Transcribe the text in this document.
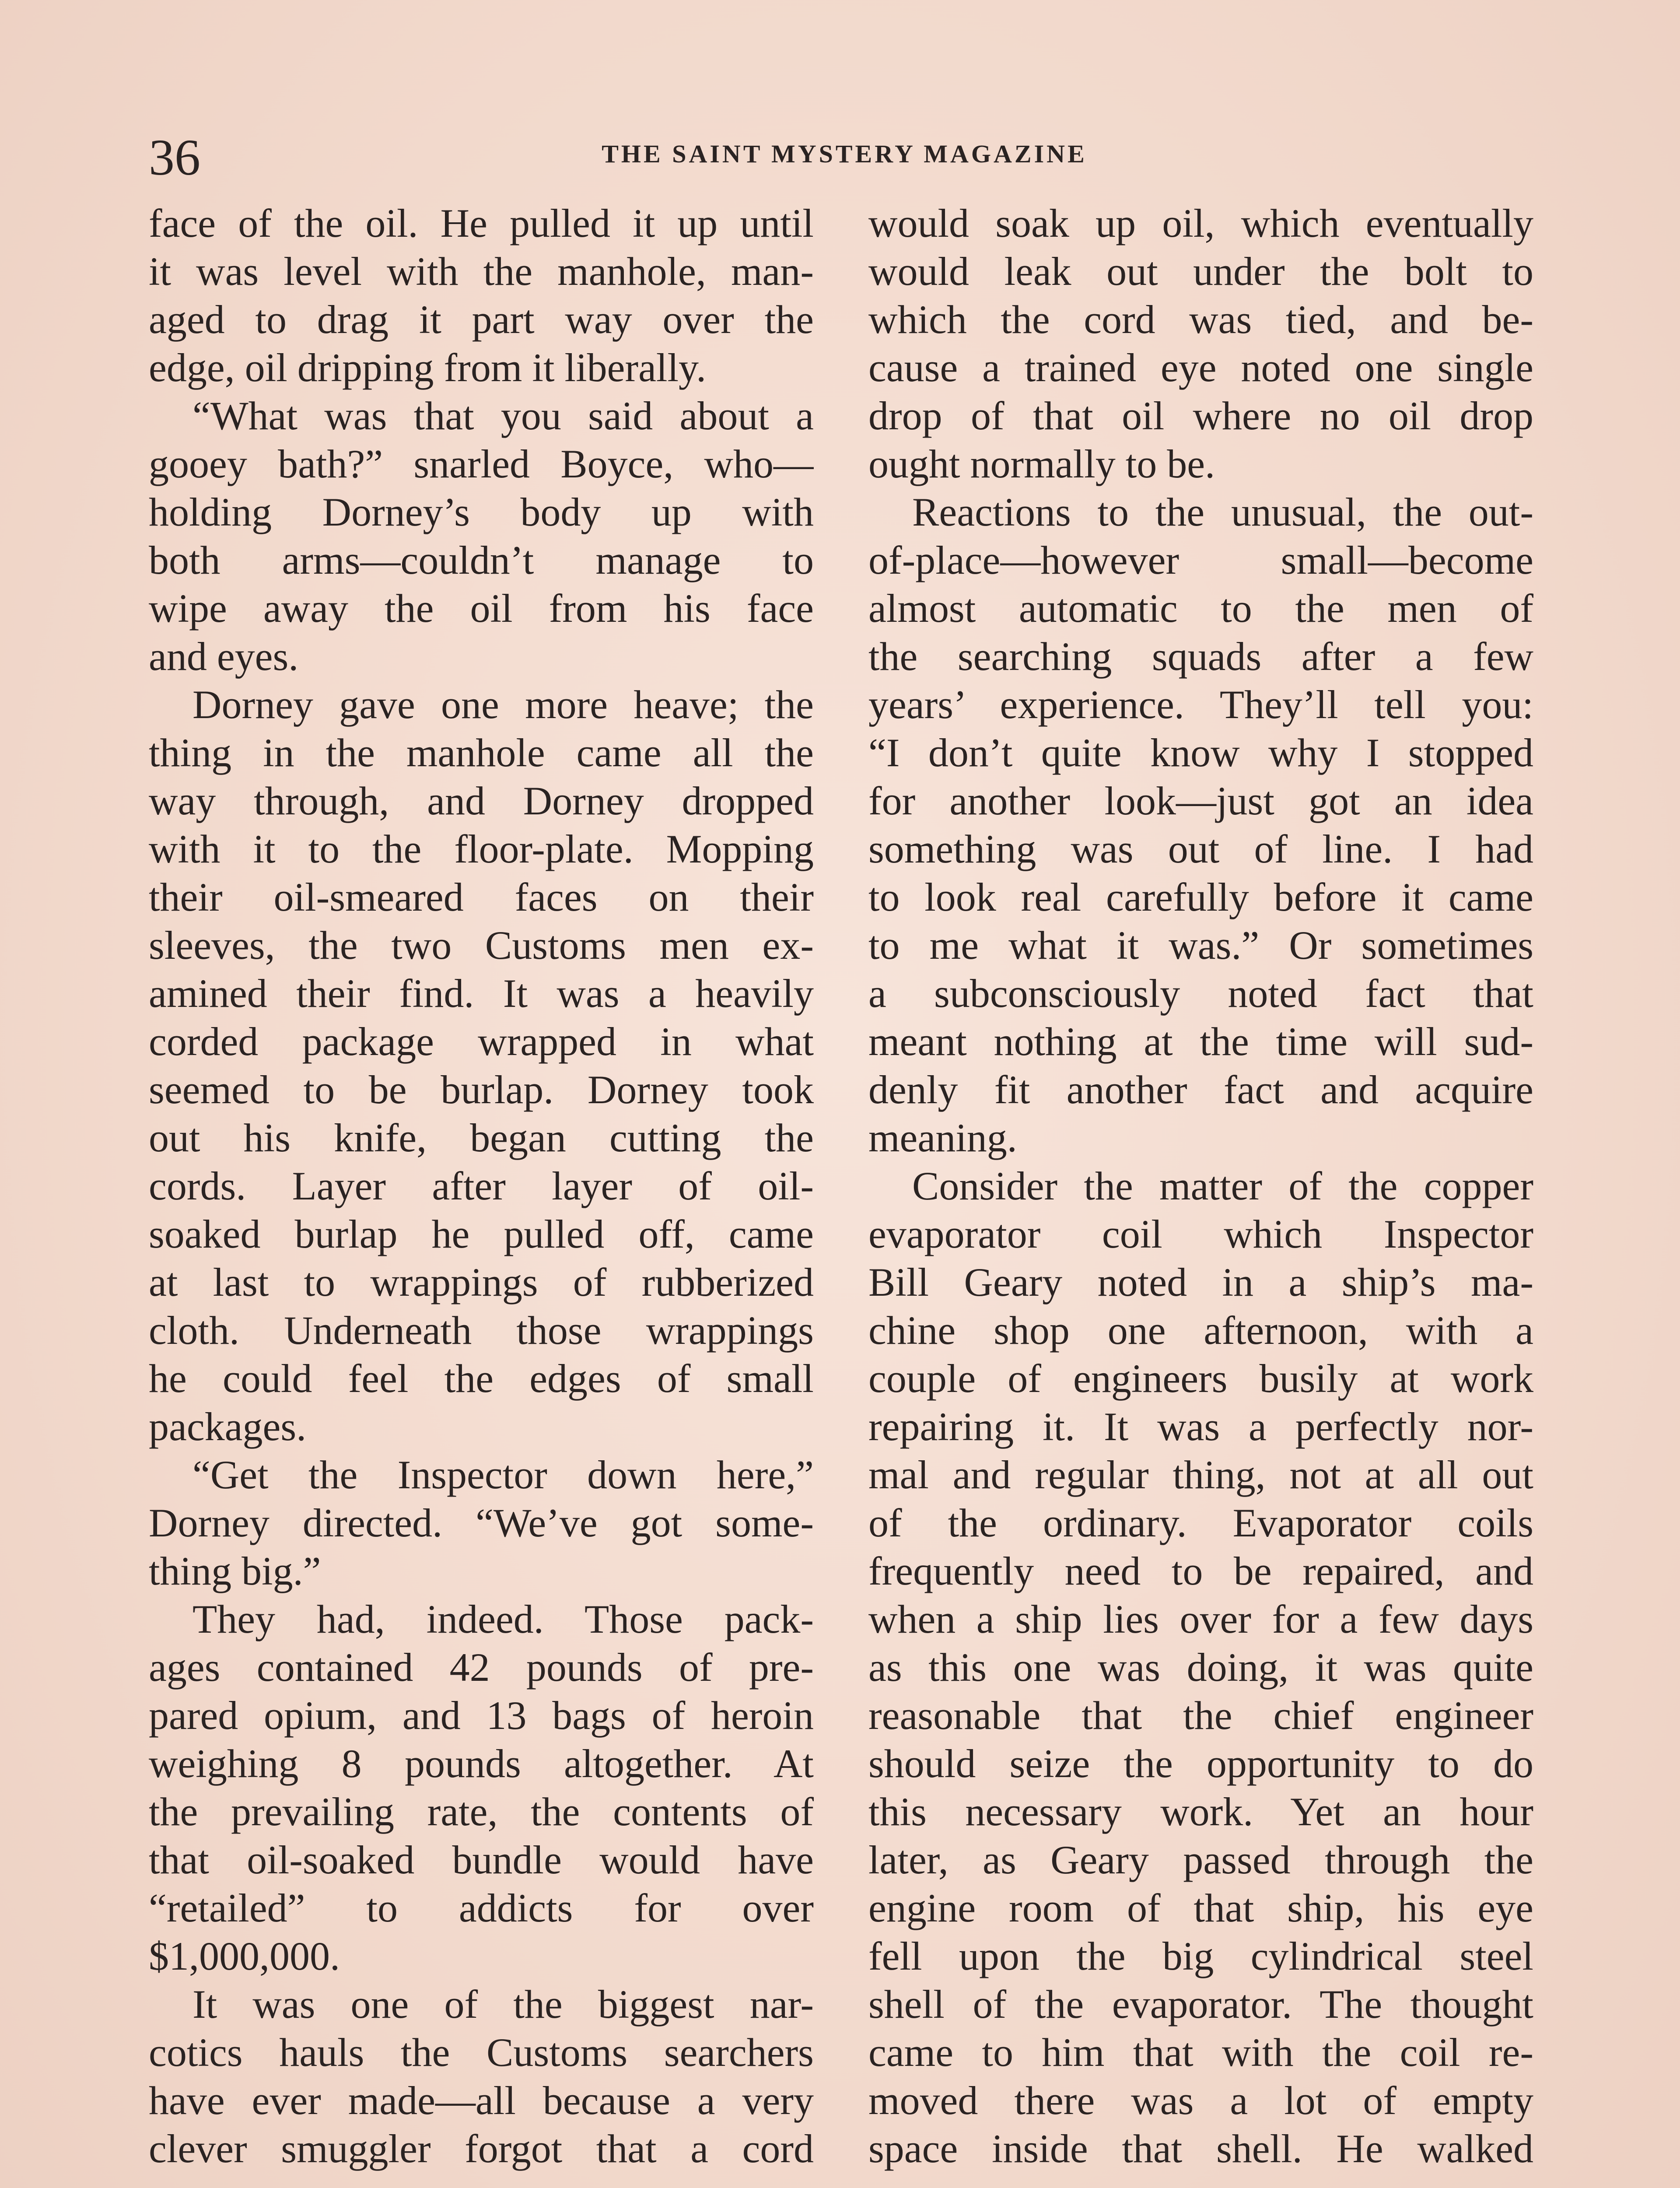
36	THE SAINT MYSTERY MAGAZINE
face of the oil. He pulled it up until
it was level with the manhole, man-
aged to drag it part way over the
edge, oil dripping from it liberally.
“What was that you said about a
gooey bath?” snarled Boyce, who—
holding Dorney’s body up with
both arms—couldn’t manage to
wipe away the oil from his face
and eyes.
Dorney gave one more heave; the
thing in the manhole came all the
way through, and Dorney dropped
with it to the floor-plate. Mopping
their oil-smeared faces on their
sleeves, the two Customs men ex-
amined their find. It was a heavily
corded package wrapped in what
seemed to be burlap. Dorney took
out his knife, began cutting the
cords. Layer after layer of oil-
soaked burlap he pulled off, came
at last to wrappings of rubberized
cloth. Underneath those wrappings
he could feel the edges of small
packages.
“Get the Inspector down here,”
Dorney directed. “We’ve got some-
thing big.”
They had, indeed. Those pack-
ages contained 42 pounds of pre-
pared opium, and 13 bags of heroin
weighing 8 pounds altogether. At
the prevailing rate, the contents of
that oil-soaked bundle would have
“retailed” to addicts for over
$1,000,000.
It was one of the biggest nar-
cotics hauls the Customs searchers
have ever made—all because a very
clever smuggler forgot that a cord
would soak up oil, which eventually
would leak out under the bolt to
which the cord was tied, and be-
cause a trained eye noted one single
drop of that oil where no oil drop
ought normally to be.
Reactions to the unusual, the out-
of-place—however small—become
almost automatic to the men of
the searching squads after a few
years’ experience. They’ll tell you:
“I don’t quite know why I stopped
for another look—just got an idea
something was out of line. I had
to look real carefully before it came
to me what it was.” Or sometimes
a subconsciously noted fact that
meant nothing at the time will sud-
denly fit another fact and acquire
meaning.
Consider the matter of the copper
evaporator coil which Inspector
Bill Geary noted in a ship’s ma-
chine shop one afternoon, with a
couple of engineers busily at work
repairing it. It was a perfectly nor-
mal and regular thing, not at all out
of the ordinary. Evaporator coils
frequently need to be repaired, and
when a ship lies over for a few days
as this one was doing, it was quite
reasonable that the chief engineer
should seize the opportunity to do
this necessary work. Yet an hour
later, as Geary passed through the
engine room of that ship, his eye
fell upon the big cylindrical steel
shell of the evaporator. The thought
came to him that with the coil re-
moved there was a lot of empty
space inside that shell. He walked
